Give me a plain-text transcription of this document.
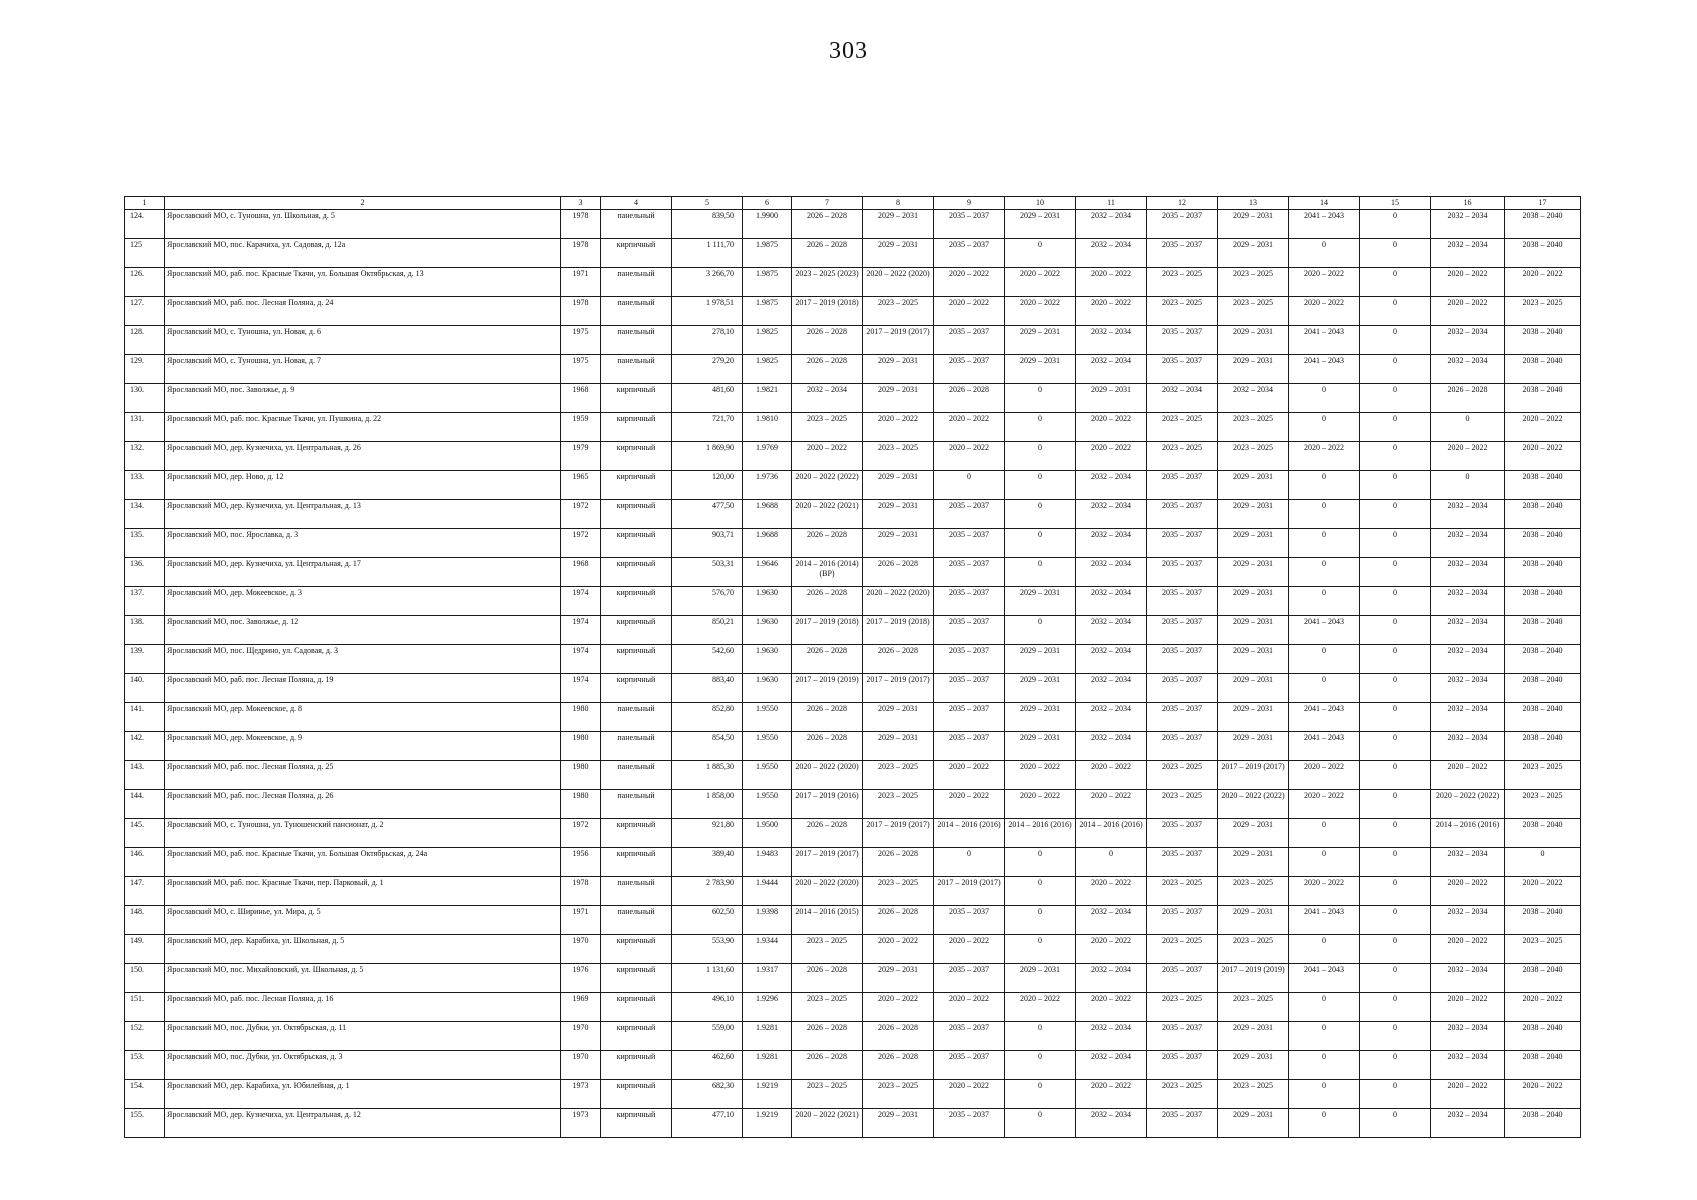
303
1	2	3	4	5	6	7	8	9	10	11	12	13	14	15	16	17
124.	Ярославский МО, с. Туношна, ул. Школьная, д. 5	1978	панельный	839,50	1.9900	2026 – 2028	2029 – 2031	2035 – 2037	2029 – 2031	2032 – 2034	2035 – 2037	2029 – 2031	2041 – 2043	0	2032 – 2034	2038 – 2040
125	Ярославский МО, пос. Карачиха, ул. Садовая, д. 12а	1978	кирпичный	1 111,70	1.9875	2026 – 2028	2029 – 2031	2035 – 2037	0	2032 – 2034	2035 – 2037	2029 – 2031	0	0	2032 – 2034	2038 – 2040
126.	Ярославский МО, раб. пос. Красные Ткачи, ул. Большая Октябрьская, д. 13	1971	панельный	3 266,70	1.9875	2023 – 2025 (2023)	2020 – 2022 (2020)	2020 – 2022	2020 – 2022	2020 – 2022	2023 – 2025	2023 – 2025	2020 – 2022	0	2020 – 2022	2020 – 2022
127.	Ярославский МО, раб. пос. Лесная Поляна, д. 24	1978	панельный	1 978,51	1.9875	2017 – 2019 (2018)	2023 – 2025	2020 – 2022	2020 – 2022	2020 – 2022	2023 – 2025	2023 – 2025	2020 – 2022	0	2020 – 2022	2023 – 2025
128.	Ярославский МО, с. Туношна, ул. Новая, д. 6	1975	панельный	278,10	1.9825	2026 – 2028	2017 – 2019 (2017)	2035 – 2037	2029 – 2031	2032 – 2034	2035 – 2037	2029 – 2031	2041 – 2043	0	2032 – 2034	2038 – 2040
129.	Ярославский МО, с. Туношна, ул. Новая, д. 7	1975	панельный	279,20	1.9825	2026 – 2028	2029 – 2031	2035 – 2037	2029 – 2031	2032 – 2034	2035 – 2037	2029 – 2031	2041 – 2043	0	2032 – 2034	2038 – 2040
130.	Ярославский МО, пос. Заволжье, д. 9	1968	кирпичный	481,60	1.9821	2032 – 2034	2029 – 2031	2026 – 2028	0	2029 – 2031	2032 – 2034	2032 – 2034	0	0	2026 – 2028	2038 – 2040
131.	Ярославский МО, раб. пос. Красные Ткачи, ул. Пушкина, д. 22	1959	кирпичный	721,70	1.9810	2023 – 2025	2020 – 2022	2020 – 2022	0	2020 – 2022	2023 – 2025	2023 – 2025	0	0	0	2020 – 2022
132.	Ярославский МО, дер. Кузнечиха, ул. Центральная, д. 26	1979	кирпичный	1 869,90	1.9769	2020 – 2022	2023 – 2025	2020 – 2022	0	2020 – 2022	2023 – 2025	2023 – 2025	2020 – 2022	0	2020 – 2022	2020 – 2022
133.	Ярославский МО, дер. Ново, д. 12	1965	кирпичный	120,00	1.9736	2020 – 2022 (2022)	2029 – 2031	0	0	2032 – 2034	2035 – 2037	2029 – 2031	0	0	0	2038 – 2040
134.	Ярославский МО, дер. Кузнечиха, ул. Центральная, д. 13	1972	кирпичный	477,50	1.9688	2020 – 2022 (2021)	2029 – 2031	2035 – 2037	0	2032 – 2034	2035 – 2037	2029 – 2031	0	0	2032 – 2034	2038 – 2040
135.	Ярославский МО, пос. Ярославка, д. 3	1972	кирпичный	903,71	1.9688	2026 – 2028	2029 – 2031	2035 – 2037	0	2032 – 2034	2035 – 2037	2029 – 2031	0	0	2032 – 2034	2038 – 2040
136.	Ярославский МО, дер. Кузнечиха, ул. Центральная, д. 17	1968	кирпичный	503,31	1.9646	2014 – 2016 (2014) (ВР)	2026 – 2028	2035 – 2037	0	2032 – 2034	2035 – 2037	2029 – 2031	0	0	2032 – 2034	2038 – 2040
137.	Ярославский МО, дер. Мокеевское, д. 3	1974	кирпичный	576,70	1.9630	2026 – 2028	2020 – 2022 (2020)	2035 – 2037	2029 – 2031	2032 – 2034	2035 – 2037	2029 – 2031	0	0	2032 – 2034	2038 – 2040
138.	Ярославский МО, пос. Заволжье, д. 12	1974	кирпичный	850,21	1.9630	2017 – 2019 (2018)	2017 – 2019 (2018)	2035 – 2037	0	2032 – 2034	2035 – 2037	2029 – 2031	2041 – 2043	0	2032 – 2034	2038 – 2040
139.	Ярославский МО, пос. Щедрино, ул. Садовая, д. 3	1974	кирпичный	542,60	1.9630	2026 – 2028	2026 – 2028	2035 – 2037	2029 – 2031	2032 – 2034	2035 – 2037	2029 – 2031	0	0	2032 – 2034	2038 – 2040
140.	Ярославский МО, раб. пос. Лесная Поляна, д. 19	1974	кирпичный	883,40	1.9630	2017 – 2019 (2019)	2017 – 2019 (2017)	2035 – 2037	2029 – 2031	2032 – 2034	2035 – 2037	2029 – 2031	0	0	2032 – 2034	2038 – 2040
141.	Ярославский МО, дер. Мокеевское, д. 8	1980	панельный	852,80	1.9550	2026 – 2028	2029 – 2031	2035 – 2037	2029 – 2031	2032 – 2034	2035 – 2037	2029 – 2031	2041 – 2043	0	2032 – 2034	2038 – 2040
142.	Ярославский МО, дер. Мокеевское, д. 9	1980	панельный	854,50	1.9550	2026 – 2028	2029 – 2031	2035 – 2037	2029 – 2031	2032 – 2034	2035 – 2037	2029 – 2031	2041 – 2043	0	2032 – 2034	2038 – 2040
143.	Ярославский МО, раб. пос. Лесная Поляна, д. 25	1980	панельный	1 885,30	1.9550	2020 – 2022 (2020)	2023 – 2025	2020 – 2022	2020 – 2022	2020 – 2022	2023 – 2025	2017 – 2019 (2017)	2020 – 2022	0	2020 – 2022	2023 – 2025
144.	Ярославский МО, раб. пос. Лесная Поляна, д. 26	1980	панельный	1 858,00	1.9550	2017 – 2019 (2016)	2023 – 2025	2020 – 2022	2020 – 2022	2020 – 2022	2023 – 2025	2020 – 2022 (2022)	2020 – 2022	0	2020 – 2022 (2022)	2023 – 2025
145.	Ярославский МО, с. Туношна, ул. Туношенский пансионат, д. 2	1972	кирпичный	921,80	1.9500	2026 – 2028	2017 – 2019 (2017)	2014 – 2016 (2016)	2014 – 2016 (2016)	2014 – 2016 (2016)	2035 – 2037	2029 – 2031	0	0	2014 – 2016 (2016)	2038 – 2040
146.	Ярославский МО, раб. пос. Красные Ткачи, ул. Большая Октябрьская, д. 24а	1956	кирпичный	389,40	1.9483	2017 – 2019 (2017)	2026 – 2028	0	0	0	2035 – 2037	2029 – 2031	0	0	2032 – 2034	0
147.	Ярославский МО, раб. пос. Красные Ткачи, пер. Парковый, д. 1	1978	панельный	2 783,90	1.9444	2020 – 2022 (2020)	2023 – 2025	2017 – 2019 (2017)	0	2020 – 2022	2023 – 2025	2023 – 2025	2020 – 2022	0	2020 – 2022	2020 – 2022
148.	Ярославский МО, с. Ширинье, ул. Мира, д. 5	1971	панельный	602,50	1.9398	2014 – 2016 (2015)	2026 – 2028	2035 – 2037	0	2032 – 2034	2035 – 2037	2029 – 2031	2041 – 2043	0	2032 – 2034	2038 – 2040
149.	Ярославский МО, дер. Карабиха, ул. Школьная, д. 5	1970	кирпичный	553,90	1.9344	2023 – 2025	2020 – 2022	2020 – 2022	0	2020 – 2022	2023 – 2025	2023 – 2025	0	0	2020 – 2022	2023 – 2025
150.	Ярославский МО, пос. Михайловский, ул. Школьная, д. 5	1976	кирпичный	1 131,60	1.9317	2026 – 2028	2029 – 2031	2035 – 2037	2029 – 2031	2032 – 2034	2035 – 2037	2017 – 2019 (2019)	2041 – 2043	0	2032 – 2034	2038 – 2040
151.	Ярославский МО, раб. пос. Лесная Поляна, д. 16	1969	кирпичный	496,10	1.9296	2023 – 2025	2020 – 2022	2020 – 2022	2020 – 2022	2020 – 2022	2023 – 2025	2023 – 2025	0	0	2020 – 2022	2020 – 2022
152.	Ярославский МО, пос. Дубки, ул. Октябрьская, д. 11	1970	кирпичный	559,00	1.9281	2026 – 2028	2026 – 2028	2035 – 2037	0	2032 – 2034	2035 – 2037	2029 – 2031	0	0	2032 – 2034	2038 – 2040
153.	Ярославский МО, пос. Дубки, ул. Октябрьская, д. 3	1970	кирпичный	462,60	1.9281	2026 – 2028	2026 – 2028	2035 – 2037	0	2032 – 2034	2035 – 2037	2029 – 2031	0	0	2032 – 2034	2038 – 2040
154.	Ярославский МО, дер. Карабиха, ул. Юбилейная, д. 1	1973	кирпичный	682,30	1.9219	2023 – 2025	2023 – 2025	2020 – 2022	0	2020 – 2022	2023 – 2025	2023 – 2025	0	0	2020 – 2022	2020 – 2022
155.	Ярославский МО, дер. Кузнечиха, ул. Центральная, д. 12	1973	кирпичный	477,10	1.9219	2020 – 2022 (2021)	2029 – 2031	2035 – 2037	0	2032 – 2034	2035 – 2037	2029 – 2031	0	0	2032 – 2034	2038 – 2040
